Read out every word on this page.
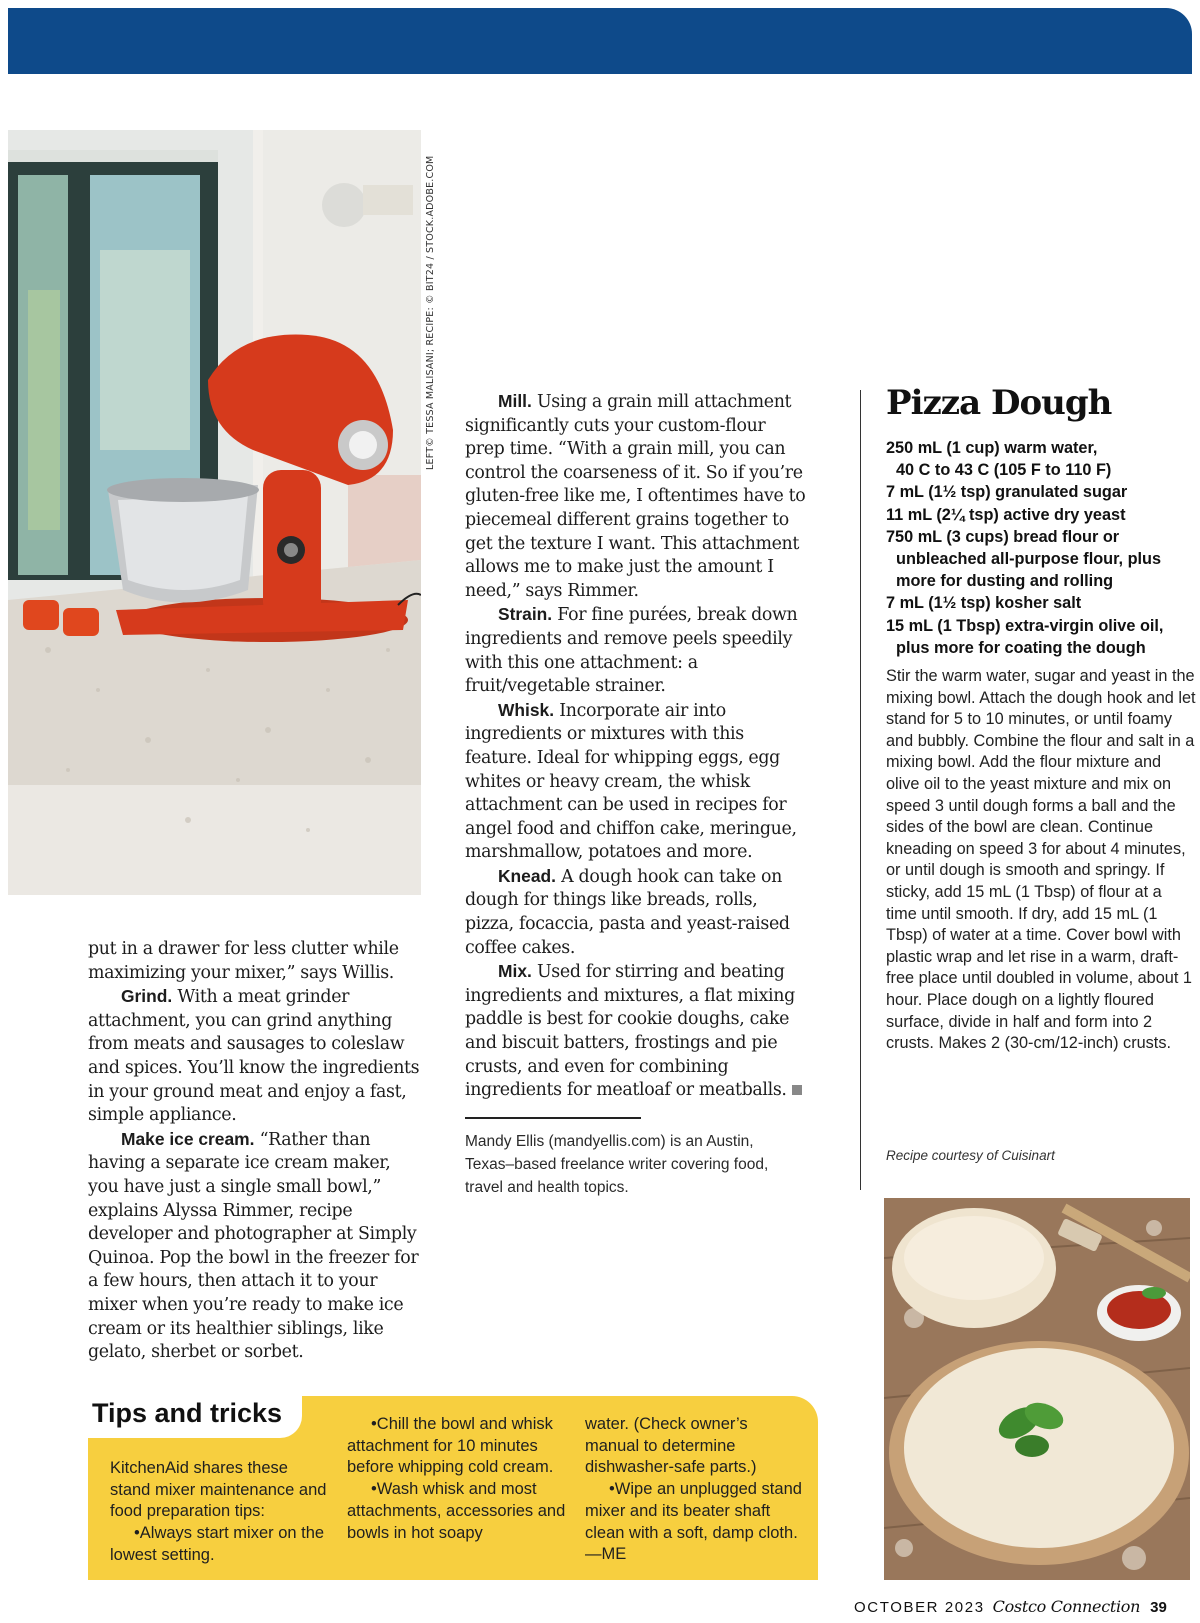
LEFT© TESSA MALISANI; RECIPE: © BIT24 / STOCK.ADOBE.COM

put in a drawer for less clutter while maximizing your mixer,” says Willis.

Grind. With a meat grinder attachment, you can grind anything from meats and sausages to coleslaw and spices. You’ll know the ingredients in your ground meat and enjoy a fast, simple appliance.

Make ice cream. “Rather than having a separate ice cream maker, you have just a single small bowl,” explains Alyssa Rimmer, recipe developer and photographer at Simply Quinoa. Pop the bowl in the freezer for a few hours, then attach it to your mixer when you’re ready to make ice cream or its healthier siblings, like gelato, sherbet or sorbet.

Mill. Using a grain mill attachment significantly cuts your custom-flour prep time. “With a grain mill, you can control the coarseness of it. So if you’re gluten-free like me, I oftentimes have to piecemeal different grains together to get the texture I want. This attachment allows me to make just the amount I need,” says Rimmer.

Strain. For fine purées, break down ingredients and remove peels speedily with this one attachment: a fruit/vegetable strainer.

Whisk. Incorporate air into ingredients or mixtures with this feature. Ideal for whipping eggs, egg whites or heavy cream, the whisk attachment can be used in recipes for angel food and chiffon cake, meringue, marshmallow, potatoes and more.

Knead. A dough hook can take on dough for things like breads, rolls, pizza, focaccia, pasta and yeast-raised coffee cakes.

Mix. Used for stirring and beating ingredients and mixtures, a flat mixing paddle is best for cookie doughs, cake and biscuit batters, frostings and pie crusts, and even for combining ingredients for meatloaf or meatballs.

Mandy Ellis (mandyellis.com) is an Austin, Texas–based freelance writer covering food, travel and health topics.
Pizza Dough
250 mL (1 cup) warm water,
40 C to 43 C (105 F to 110 F)
7 mL (1½ tsp) granulated sugar
11 mL (2¼ tsp) active dry yeast
750 mL (3 cups) bread flour or
unbleached all-purpose flour, plus more for dusting and rolling
7 mL (1½ tsp) kosher salt
15 mL (1 Tbsp) extra-virgin olive oil,
plus more for coating the dough
Stir the warm water, sugar and yeast in the mixing bowl. Attach the dough hook and let stand for 5 to 10 minutes, or until foamy and bubbly. Combine the flour and salt in a mixing bowl. Add the flour mixture and olive oil to the yeast mixture and mix on speed 3 until dough forms a ball and the sides of the bowl are clean. Continue kneading on speed 3 for about 4 minutes, or until dough is smooth and springy. If sticky, add 15 mL (1 Tbsp) of flour at a time until smooth. If dry, add 15 mL (1 Tbsp) of water at a time. Cover bowl with plastic wrap and let rise in a warm, draft-free place until doubled in volume, about 1 hour. Place dough on a lightly floured surface, divide in half and form into 2 crusts. Makes 2 (30-cm/12-inch) crusts.
Recipe courtesy of Cuisinart
Tips and tricks

KitchenAid shares these stand mixer maintenance and food preparation tips:

•Always start mixer on the lowest setting.

•Chill the bowl and whisk attachment for 10 minutes before whipping cold cream.

•Wash whisk and most attachments, accessories and bowls in hot soapy

water. (Check owner’s manual to determine dishwasher-safe parts.)

•Wipe an unplugged stand mixer and its beater shaft clean with a soft, damp cloth.—ME

OCTOBER 2023 Costco Connection 39
